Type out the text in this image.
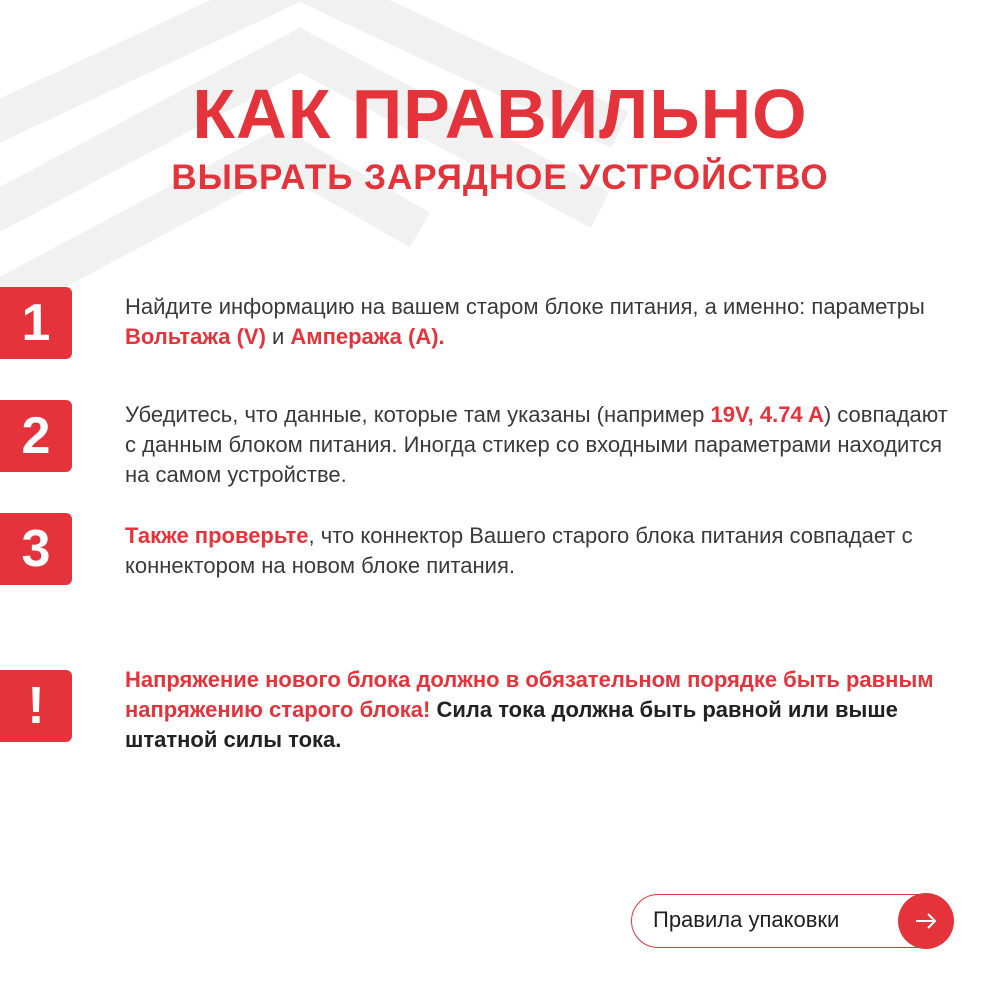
КАК ПРАВИЛЬНО
ВЫБРАТЬ ЗАРЯДНОЕ УСТРОЙСТВО
1	Найдите информацию на вашем старом блоке питания, а именно: параметры Вольтажа (V) и Ампеража (А).
2	Убедитесь, что данные, которые там указаны (например 19V, 4.74 A) совпадают с данным блоком питания. Иногда стикер со входными параметрами находится на самом устройстве.
3	Также проверьте, что коннектор Вашего старого блока питания совпадает с коннектором на новом блоке питания.
!	Напряжение нового блока должно в обязательном порядке быть равным напряжению старого блока! Сила тока должна быть равной или выше штатной силы тока.
Правила упаковки
